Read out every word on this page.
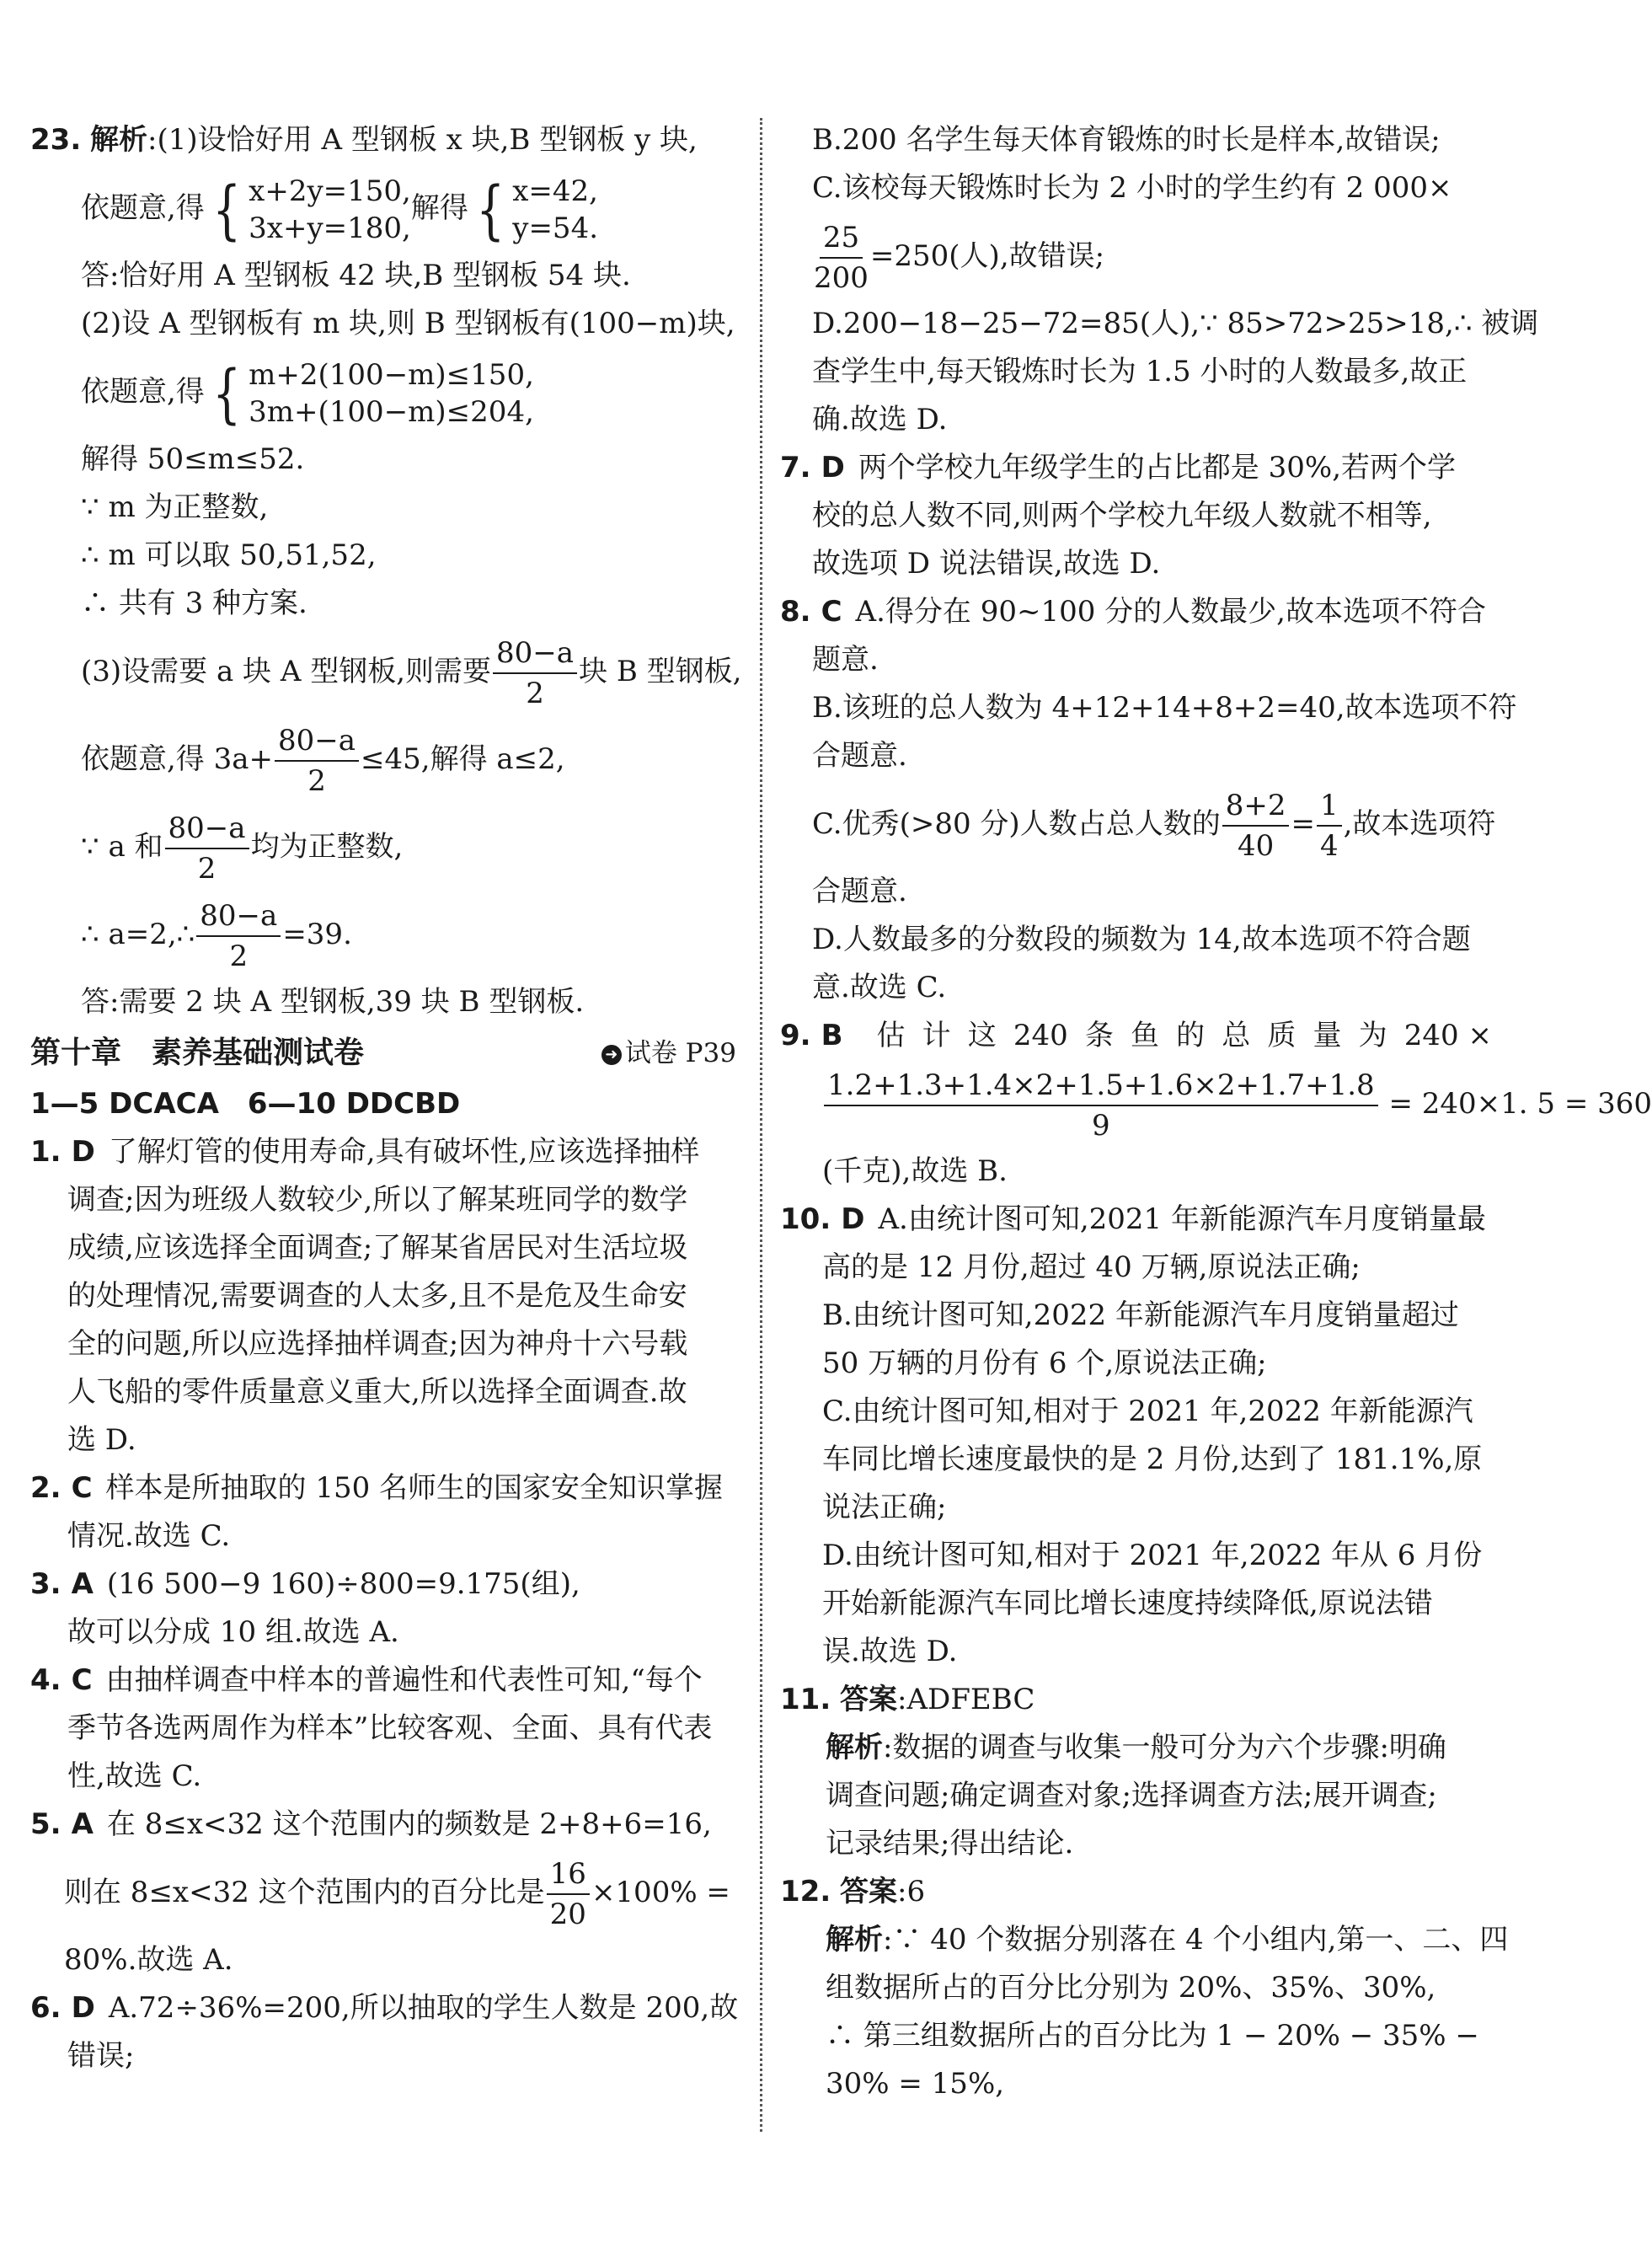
23. 解析:(1)设恰好用 A 型钢板 x 块,B 型钢板 y 块,
依题意,得 { x+2y=150,
3x+y=180,
解得 { x=42,
y=54.
答:恰好用 A 型钢板 42 块,B 型钢板 54 块.
(2)设 A 型钢板有 m 块,则 B 型钢板有(100−m)块,
依题意,得 { m+2(100−m)≤150,
3m+(100−m)≤204,
解得 50≤m≤52.
∵ m 为正整数,
∴ m 可以取 50,51,52,
∴ 共有 3 种方案.
(3)设需要 a 块 A 型钢板,则需要 $\frac{80-a}{2}$ 块 B 型钢板,
依题意,得 $3a+ \frac{80-a}{2} \le 45$,解得 a≤2,
∵ a 和 $\frac{80-a}{2}$ 均为正整数,
∴ a=2,∴ $\frac{80-a}{2} =39$.
答:需要 2 块 A 型钢板,39 块 B 型钢板.
第十章　素养基础测试卷	➜ 试卷 P39
1—5 DCACA　6—10 DDCBD
1. D 了解灯管的使用寿命,具有破坏性,应该选择抽样
调查;因为班级人数较少,所以了解某班同学的数学
成绩,应该选择全面调查;了解某省居民对生活垃圾
的处理情况,需要调查的人太多,且不是危及生命安
全的问题,所以应选择抽样调查;因为神舟十六号载
人飞船的零件质量意义重大,所以选择全面调查.故
选 D.
2. C 样本是所抽取的 150 名师生的国家安全知识掌握
情况.故选 C.
3. A (16 500−9 160)÷800=9.175(组),
故可以分成 10 组.故选 A.
4. C 由抽样调查中样本的普遍性和代表性可知,“每个
季节各选两周作为样本”比较客观、全面、具有代表
性,故选 C.
5. A 在 8≤x<32 这个范围内的频数是 2+8+6=16,
则在 8≤x<32 这个范围内的百分比是 $\frac{16}{20} \times 100\%$ =
80%.故选 A.
6. D A.72÷36%=200,所以抽取的学生人数是 200,故
错误;
B.200 名学生每天体育锻炼的时长是样本,故错误;
C.该校每天锻炼时长为 2 小时的学生约有 2 000×
$\frac{25}{200} =250$(人),故错误;
D.200−18−25−72=85(人),∵ 85>72>25>18,∴ 被调
查学生中,每天锻炼时长为 1.5 小时的人数最多,故正
确.故选 D.
7. D 两个学校九年级学生的占比都是 30%,若两个学
校的总人数不同,则两个学校九年级人数就不相等,
故选项 D 说法错误,故选 D.
8. C A.得分在 90~100 分的人数最少,故本选项不符合
题意.
B.该班的总人数为 4+12+14+8+2=40,故本选项不符
合题意.
C.优秀(>80 分)人数占总人数的 $\frac{8+2}{40} = \frac{1}{4}$ ,故本选项符
合题意.
D.人数最多的分数段的频数为 14,故本选项不符合题
意.故选 C.
9. B 估 计 这 240 条 鱼 的 总 质 量 为 240 ×
$\frac{1.2+1.3+1.4\times 2+1.5+1.6\times 2+1.7+1.8}{9} = 240\times 1$. 5 = 360
(千克),故选 B.
10. D A.由统计图可知,2021 年新能源汽车月度销量最
高的是 12 月份,超过 40 万辆,原说法正确;
B.由统计图可知,2022 年新能源汽车月度销量超过
50 万辆的月份有 6 个,原说法正确;
C.由统计图可知,相对于 2021 年,2022 年新能源汽
车同比增长速度最快的是 2 月份,达到了 181.1%,原
说法正确;
D.由统计图可知,相对于 2021 年,2022 年从 6 月份
开始新能源汽车同比增长速度持续降低,原说法错
误.故选 D.
11. 答案:ADFEBC
解析:数据的调查与收集一般可分为六个步骤:明确
调查问题;确定调查对象;选择调查方法;展开调查;
记录结果;得出结论.
12. 答案:6
解析:∵ 40 个数据分别落在 4 个小组内,第一、二、四
组数据所占的百分比分别为 20%、35%、30%,
∴ 第三组数据所占的百分比为 1 − 20% − 35% −
30% = 15%,
